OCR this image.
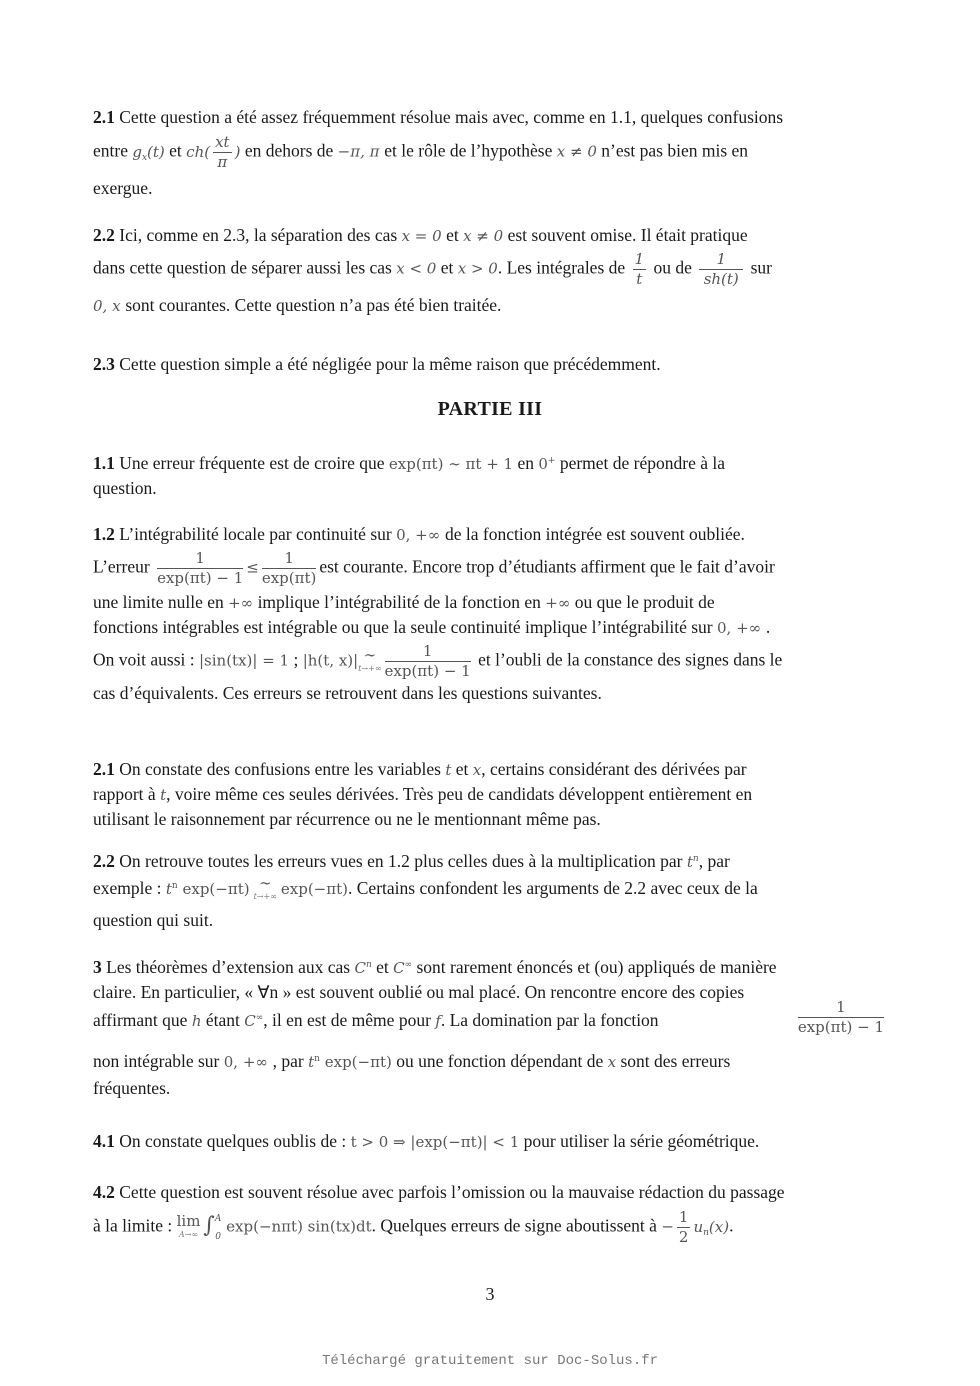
2.1 Cette question a été assez fréquemment résolue mais avec, comme en 1.1, quelques confusions
entre $g_x(t)$ et $ch( \frac{xt}{\pi}$ ) en dehors de −π, π et le rôle de l’hypothèse x ≠ 0 n’est pas bien mis en
exergue.
2.2 Ici, comme en 2.3, la séparation des cas x = 0 et x ≠ 0 est souvent omise. Il était pratique
dans cette question de séparer aussi les cas x < 0 et x > 0. Les intégrales de $\frac{1}{t}$ ou de $\frac{1}{sh(t)}$ sur
0, x sont courantes. Cette question n’a pas été bien traitée.
2.3 Cette question simple a été négligée pour la même raison que précédemment.
PARTIE III
1.1 Une erreur fréquente est de croire que exp(πt) ∼ πt + 1 en 0+ permet de répondre à la
question.
1.2 L’intégrabilité locale par continuité sur 0, +∞ de la fonction intégrée est souvent oubliée.
L’erreur $\frac{1}{\exp(\pi t) - 1} \le \frac{1}{\exp(\pi t)}$ est courante. Encore trop d’étudiants affirment que le fait d’avoir
une limite nulle en +∞ implique l’intégrabilité de la fonction en +∞ ou que le produit de
fonctions intégrables est intégrable ou que la seule continuité implique l’intégrabilité sur 0, +∞ .
On voit aussi : |sin(tx)| = 1 ; |h(t, x)| ∼
$t\to+\infty \frac{1}{\exp(\pi t) - 1}$ et l’oubli de la constance des signes dans le
cas d’équivalents. Ces erreurs se retrouvent dans les questions suivantes.
2.1 On constate des confusions entre les variables t et x, certains considérant des dérivées par
rapport à t, voire même ces seules dérivées. Très peu de candidats développent entièrement en
utilisant le raisonnement par récurrence ou ne le mentionnant même pas.
2.2 On retrouve toutes les erreurs vues en 1.2 plus celles dues à la multiplication par $t^n$, par
exemple : $t^n$ exp(−πt) ∼
t→+∞ exp(−πt). Certains confondent les arguments de 2.2 avec ceux de la
question qui suit.
3 Les théorèmes d’extension aux cas $C^n$ et C∞ sont rarement énoncés et (ou) appliqués de manière
claire. En particulier, « ∀n » est souvent oublié ou mal placé. On rencontre encore des copies
affirmant que h étant C∞, il en est de même pour f. La domination par la fonction	$\frac{1}{\exp(\pi t) - 1}$
non intégrable sur 0, +∞ , par $t^n$ exp(−πt) ou une fonction dépendant de x sont des erreurs
fréquentes.
4.1 On constate quelques oublis de : t > 0 ⇒ |exp(−πt)| < 1 pour utiliser la série géométrique.
4.2 Cette question est souvent résolue avec parfois l’omission ou la mauvaise rédaction du passage
à la limite : lim
A→∞ ∫ A
0
exp(−nπt) sin(tx)dt. Quelques erreurs de signe aboutissent à − $\frac{1}{2} u_n(x)$.
3
Téléchargé gratuitement sur Doc-Solus.fr
